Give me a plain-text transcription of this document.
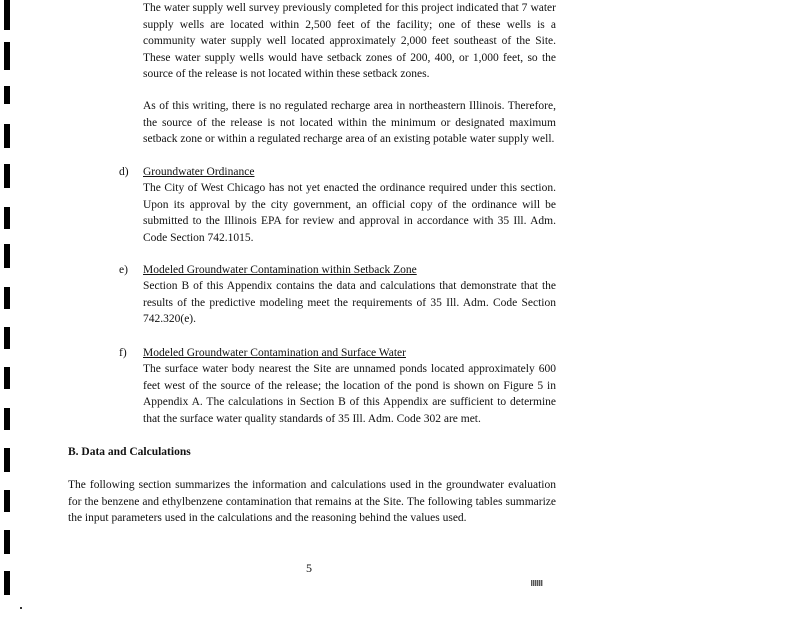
The water supply well survey previously completed for this project indicated that 7 water supply wells are located within 2,500 feet of the facility; one of these wells is a community water supply well located approximately 2,000 feet southeast of the Site. These water supply wells would have setback zones of 200, 400, or 1,000 feet, so the source of the release is not located within these setback zones.

As of this writing, there is no regulated recharge area in northeastern Illinois. Therefore, the source of the release is not located within the minimum or designated maximum setback zone or within a regulated recharge area of an existing potable water supply well.

d) Groundwater Ordinance

The City of West Chicago has not yet enacted the ordinance required under this section. Upon its approval by the city government, an official copy of the ordinance will be submitted to the Illinois EPA for review and approval in accordance with 35 Ill. Adm. Code Section 742.1015.

e) Modeled Groundwater Contamination within Setback Zone

Section B of this Appendix contains the data and calculations that demonstrate that the results of the predictive modeling meet the requirements of 35 Ill. Adm. Code Section 742.320(e).

f) Modeled Groundwater Contamination and Surface Water

The surface water body nearest the Site are unnamed ponds located approximately 600 feet west of the source of the release; the location of the pond is shown on Figure 5 in Appendix A. The calculations in Section B of this Appendix are sufficient to determine that the surface water quality standards of 35 Ill. Adm. Code 302 are met.

B. Data and Calculations

The following section summarizes the information and calculations used in the groundwater evaluation for the benzene and ethylbenzene contamination that remains at the Site. The following tables summarize the input parameters used in the calculations and the reasoning behind the values used.

5
